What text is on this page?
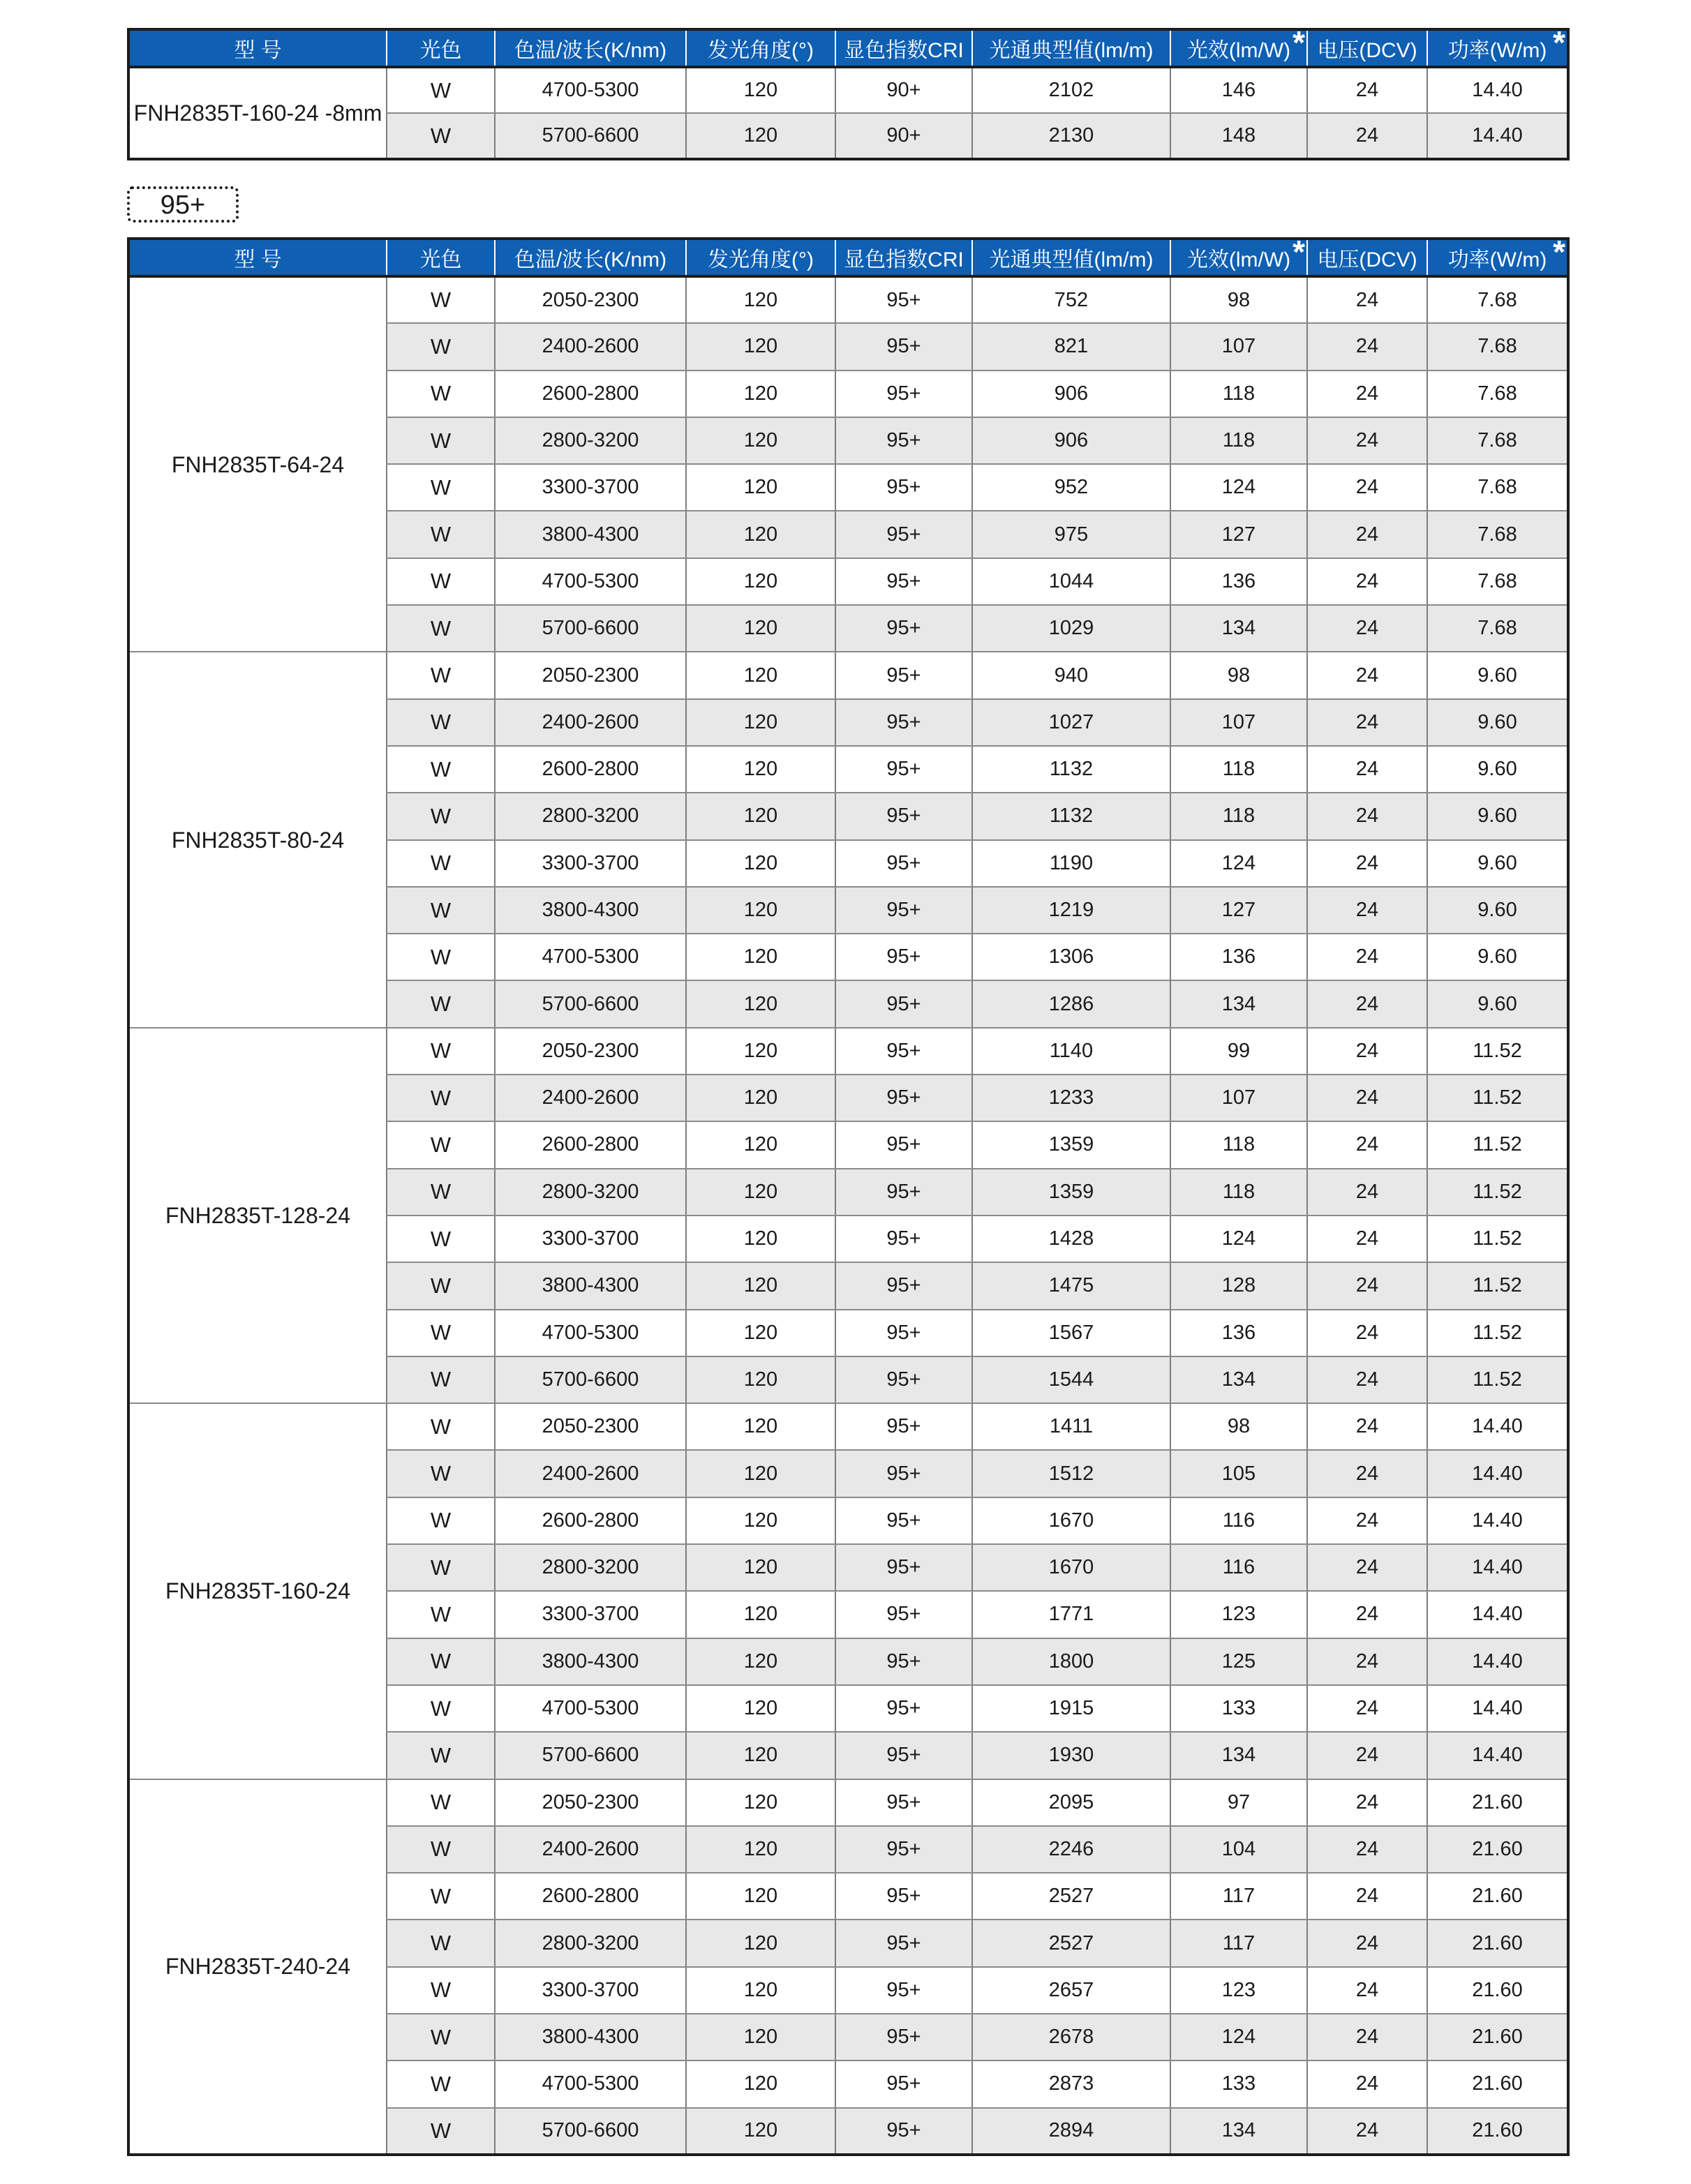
型 号	光色	色温/波长(K/nm)	发光角度(°)	显色指数CRI	光通典型值(lm/m)	光效(lm/W) *	电压(DCV)	功率(W/m) *

FNH2835T-160-24 -8mm	W	4700-5300	120	90+	2102	146	24	14.40
	W	5700-6600	120	90+	2130	148	24	14.40
95+
型 号	光色	色温/波长(K/nm)	发光角度(°)	显色指数CRI	光通典型值(lm/m)	光效(lm/W) *	电压(DCV)	功率(W/m) *

FNH2835T-64-24	W	2050-2300	120	95+	752	98	24	7.68
	W	2400-2600	120	95+	821	107	24	7.68
	W	2600-2800	120	95+	906	118	24	7.68
	W	2800-3200	120	95+	906	118	24	7.68
	W	3300-3700	120	95+	952	124	24	7.68
	W	3800-4300	120	95+	975	127	24	7.68
	W	4700-5300	120	95+	1044	136	24	7.68
	W	5700-6600	120	95+	1029	134	24	7.68
FNH2835T-80-24	W	2050-2300	120	95+	940	98	24	9.60
	W	2400-2600	120	95+	1027	107	24	9.60
	W	2600-2800	120	95+	1132	118	24	9.60
	W	2800-3200	120	95+	1132	118	24	9.60
	W	3300-3700	120	95+	1190	124	24	9.60
	W	3800-4300	120	95+	1219	127	24	9.60
	W	4700-5300	120	95+	1306	136	24	9.60
	W	5700-6600	120	95+	1286	134	24	9.60
FNH2835T-128-24	W	2050-2300	120	95+	1140	99	24	11.52
	W	2400-2600	120	95+	1233	107	24	11.52
	W	2600-2800	120	95+	1359	118	24	11.52
	W	2800-3200	120	95+	1359	118	24	11.52
	W	3300-3700	120	95+	1428	124	24	11.52
	W	3800-4300	120	95+	1475	128	24	11.52
	W	4700-5300	120	95+	1567	136	24	11.52
	W	5700-6600	120	95+	1544	134	24	11.52
FNH2835T-160-24	W	2050-2300	120	95+	1411	98	24	14.40
	W	2400-2600	120	95+	1512	105	24	14.40
	W	2600-2800	120	95+	1670	116	24	14.40
	W	2800-3200	120	95+	1670	116	24	14.40
	W	3300-3700	120	95+	1771	123	24	14.40
	W	3800-4300	120	95+	1800	125	24	14.40
	W	4700-5300	120	95+	1915	133	24	14.40
	W	5700-6600	120	95+	1930	134	24	14.40
FNH2835T-240-24	W	2050-2300	120	95+	2095	97	24	21.60
	W	2400-2600	120	95+	2246	104	24	21.60
	W	2600-2800	120	95+	2527	117	24	21.60
	W	2800-3200	120	95+	2527	117	24	21.60
	W	3300-3700	120	95+	2657	123	24	21.60
	W	3800-4300	120	95+	2678	124	24	21.60
	W	4700-5300	120	95+	2873	133	24	21.60
	W	5700-6600	120	95+	2894	134	24	21.60
